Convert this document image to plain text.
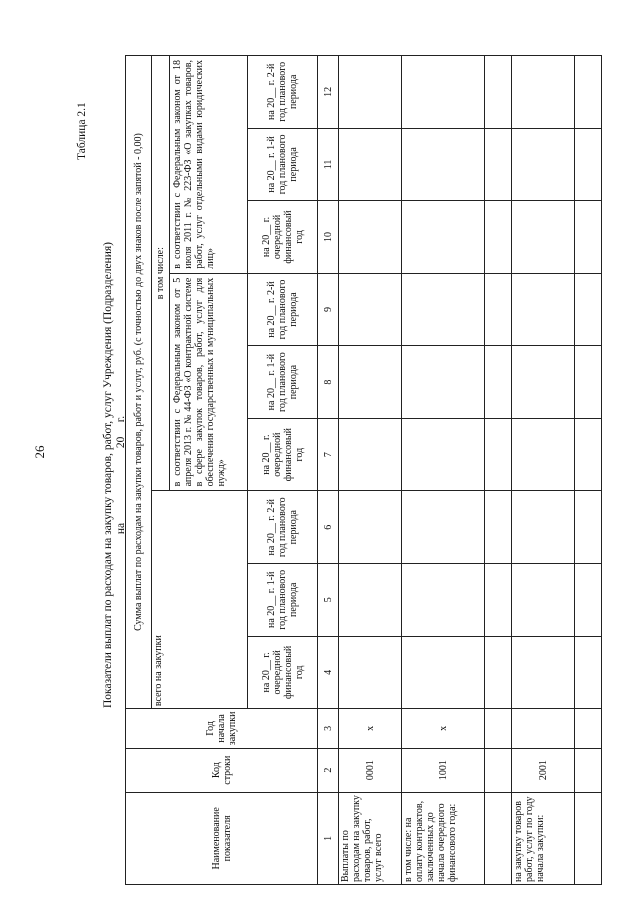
26
Таблица 2.1
Показатели выплат по расходам на закупку товаров, работ, услуг Учреждения (Подразделения) на ____________ 20__ г.
Наименование показателя	Код строки	Год начала закупки	Сумма выплат по расходам на закупки товаров, работ и услуг, руб. (с точностью до двух знаков после запятой - 0,00)								
			всего на закупки			в том числе:					
						в соответствии с Федеральным законом от 5 апреля 2013 г. № 44-ФЗ «О контрактной системе в сфере закупок товаров, работ, услуг для обеспечения государственных и муниципальных нужд»			в соответствии с Федеральным законом от 18 июля 2011 г. № 223-ФЗ «О закупках товаров, работ, услуг отдельными видами юридических лиц»		
			на 20__ г. очередной финансовый год	на 20__ г. 1-й год планового периода	на 20__ г. 2-й год планового периода	на 20__ г. очередной финансовый год	на 20__ г. 1-й год планового периода	на 20__ г. 2-й год планового периода	на 20__ г. очередной финансовый год	на 20__ г. 1-й год планового периода	на 20__ г. 2-й год планового периода
1	2	3	4	5	6	7	8	9	10	11	12
Выплаты по расходам на закупку товаров, работ, услуг всего	0001	х									
в том числе: на оплату контрактов, заключенных до начала очередного финансового года:	1001	х									

на закупку товаров работ, услуг по году начала закупки:	2001										
